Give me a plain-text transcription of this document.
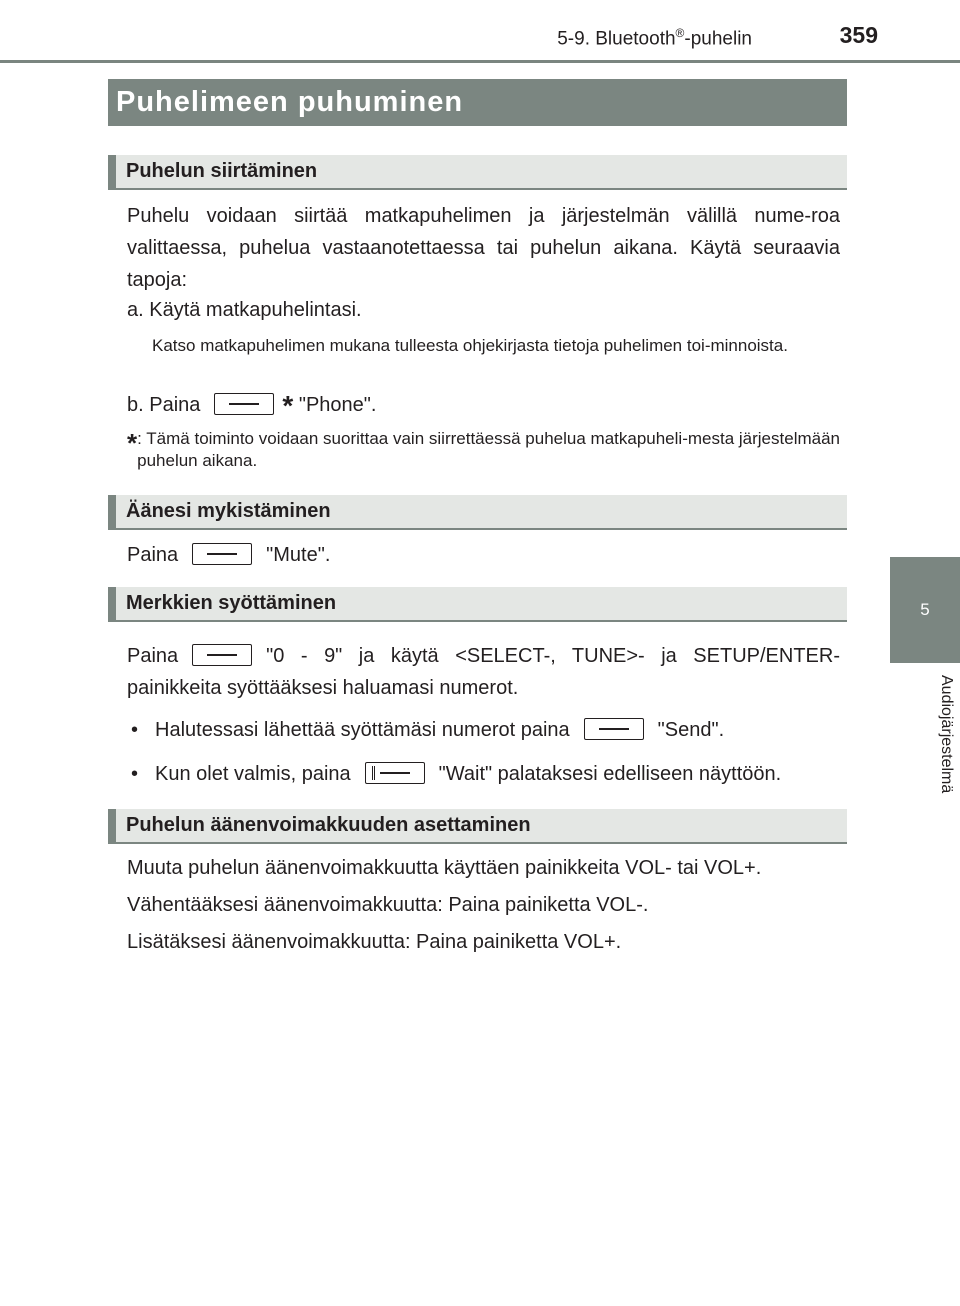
5-9. Bluetooth®-puhelin	359
5
Audiojärjestelmä
Puhelimeen puhuminen
Puhelun siirtäminen
Puhelu voidaan siirtää matkapuhelimen ja järjestelmän välillä nume-roa valittaessa, puhelua vastaanotettaessa tai puhelun aikana. Käytä seuraavia tapoja:
a. Käytä matkapuhelintasi.
Katso matkapuhelimen mukana tulleesta ohjekirjasta tietoja puhelimen toi-minnoista.
b. Paina	* "Phone".
* : Tämä toiminto voidaan suorittaa vain siirrettäessä puhelua matkapuheli-mesta järjestelmään puhelun aikana.
Äänesi mykistäminen
Paina	"Mute".
Merkkien syöttäminen
Paina	"0 - 9" ja käytä <SELECT-, TUNE>- ja SETUP/ENTER-painikkeita syöttääksesi haluamasi numerot.
• Halutessasi lähettää syöttämäsi numerot paina	"Send".
• Kun olet valmis, paina	"Wait" palataksesi edelliseen näyttöön.
Puhelun äänenvoimakkuuden asettaminen
Muuta puhelun äänenvoimakkuutta käyttäen painikkeita VOL- tai VOL+.
Vähentääksesi äänenvoimakkuutta: Paina painiketta VOL-.
Lisätäksesi äänenvoimakkuutta: Paina painiketta VOL+.
